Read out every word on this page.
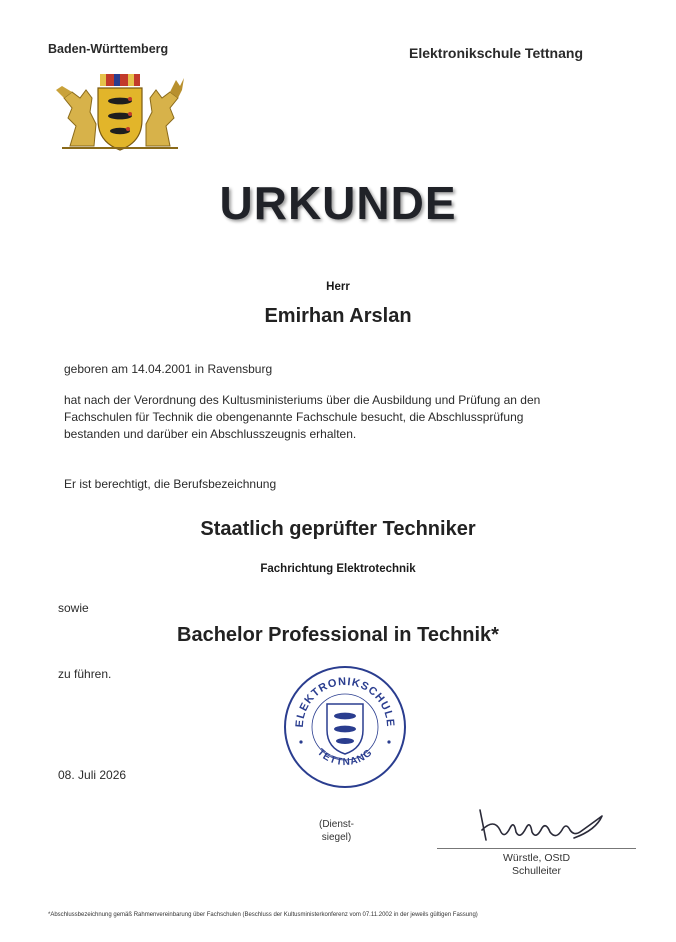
Baden-Württemberg	Elektronikschule Tettnang
URKUNDE
Herr
Emirhan Arslan
geboren am 14.04.2001 in Ravensburg
hat nach der Verordnung des Kultusministeriums über die Ausbildung und Prüfung an den
Fachschulen für Technik die obengenannte Fachschule besucht, die Abschlussprüfung
bestanden und darüber ein Abschlusszeugnis erhalten.
Er ist berechtigt, die Berufsbezeichnung
Staatlich geprüfter Techniker
Fachrichtung Elektrotechnik
sowie
Bachelor Professional in Technik*
zu führen.
ELEKTRONIKSCHULE
TETTNANG
08. Juli 2026
(Dienst-
siegel)
Würstle, OStD
Schulleiter
*Abschlussbezeichnung gemäß Rahmenvereinbarung über Fachschulen (Beschluss der Kultusministerkonferenz vom 07.11.2002 in der jeweils gültigen Fassung)
